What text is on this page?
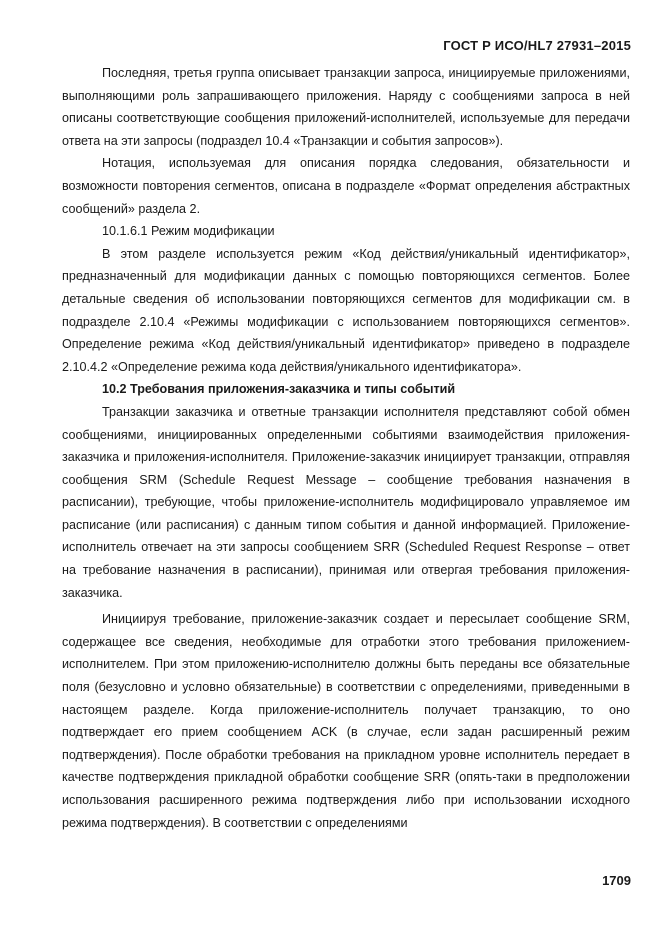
ГОСТ Р ИСО/HL7 27931–2015

Последняя, третья группа описывает транзакции запроса, инициируемые приложениями, выполняющими роль запрашивающего приложения. Наряду с сообщениями запроса в ней описаны соответствующие сообщения приложений-исполнителей, используемые для передачи ответа на эти запросы (подраздел 10.4 «Транзакции и события запросов»).

Нотация, используемая для описания порядка следования, обязательности и возможности повторения сегментов, описана в подразделе «Формат определения абстрактных сообщений» раздела 2.

10.1.6.1 Режим модификации

В этом разделе используется режим «Код действия/уникальный идентификатор», предназначенный для модификации данных с помощью повторяющихся сегментов. Более детальные сведения об использовании повторяющихся сегментов для модификации см. в подразделе 2.10.4 «Режимы модификации с использованием повторяющихся сегментов». Определение режима «Код действия/уникальный идентификатор» приведено в подразделе 2.10.4.2 «Определение режима кода действия/уникального идентификатора».

10.2 Требования приложения-заказчика и типы событий

Транзакции заказчика и ответные транзакции исполнителя представляют собой обмен сообщениями, инициированных определенными событиями взаимодействия приложения-заказчика и приложения-исполнителя. Приложение-заказчик инициирует транзакции, отправляя сообщения SRM (Schedule Request Message – сообщение требования назначения в расписании), требующие, чтобы приложение-исполнитель модифицировало управляемое им расписание (или расписания) с данным типом события и данной информацией. Приложение-исполнитель отвечает на эти запросы сообщением SRR (Scheduled Request Response – ответ на требование назначения в расписании), принимая или отвергая требования приложения-заказчика.

Инициируя требование, приложение-заказчик создает и пересылает сообщение SRM, содержащее все сведения, необходимые для отработки этого требования приложением-исполнителем. При этом приложению-исполнителю должны быть переданы все обязательные поля (безусловно и условно обязательные) в соответствии с определениями, приведенными в настоящем разделе. Когда приложение-исполнитель получает транзакцию, то оно подтверждает его прием сообщением ACK (в случае, если задан расширенный режим подтверждения). После обработки требования на прикладном уровне исполнитель передает в качестве подтверждения прикладной обработки сообщение SRR (опять-таки в предположении использования расширенного режима подтверждения либо при использовании исходного режима подтверждения). В соответствии с определениями

1709
